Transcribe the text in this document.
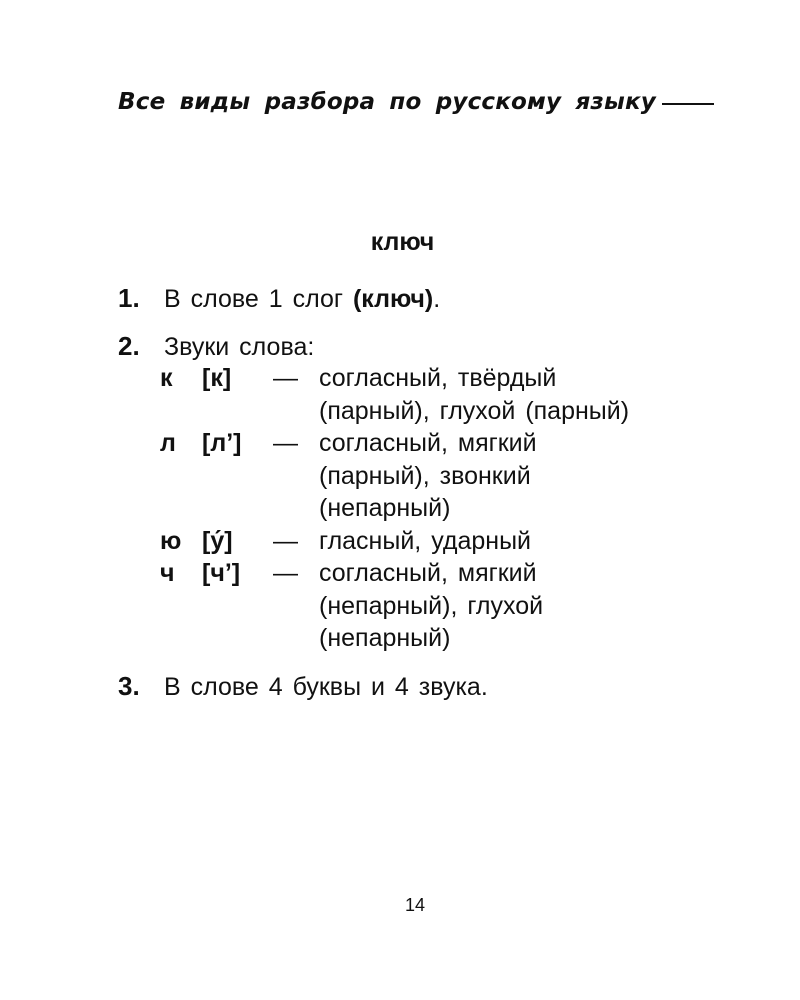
Все виды разбора по русскому языку
ключ
1. В слове 1 слог (ключ).
2. Звуки слова:
3. В слове 4 буквы и 4 звука.
к	[к]	—	согласный, твёрдый
(парный), глухой (парный)

л	[л’]	—	согласный, мягкий
(парный), звонкий
(непарный)

ю	[у́]	—	гласный, ударный

ч	[ч’]	—	согласный, мягкий
(непарный), глухой
(непарный)
14
